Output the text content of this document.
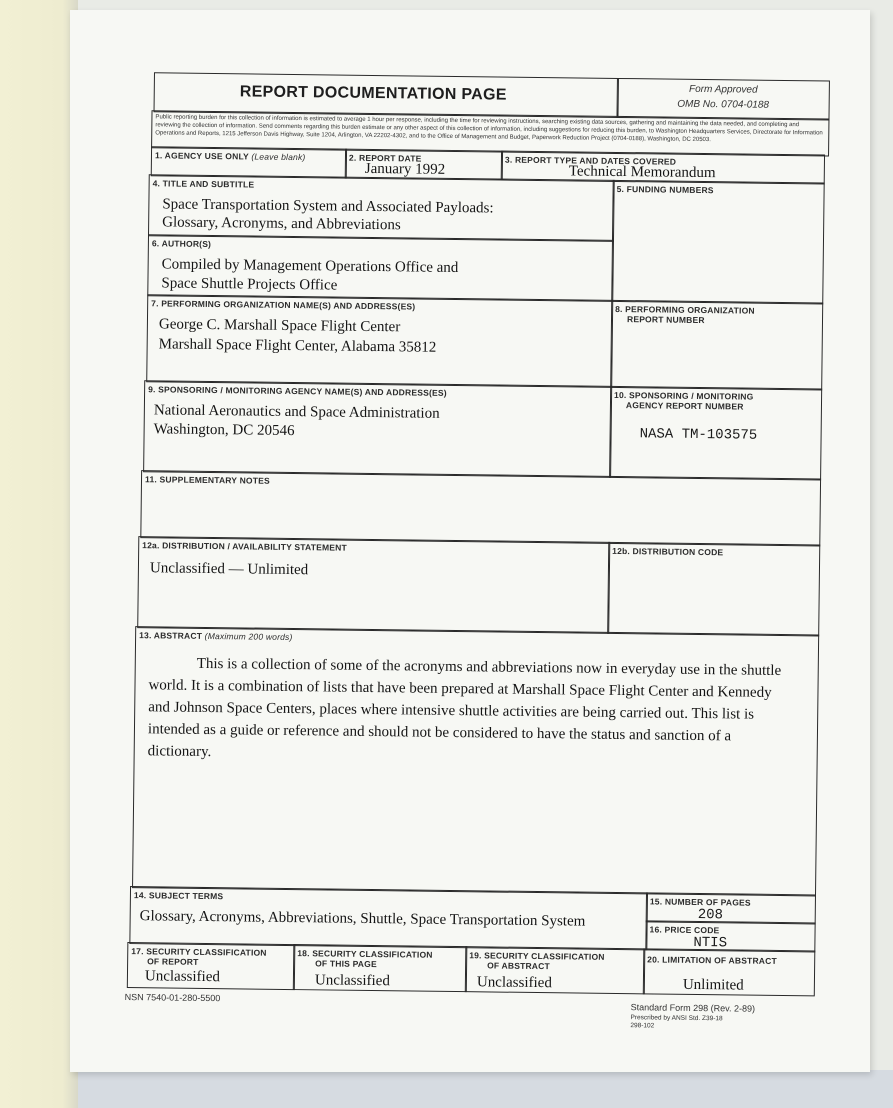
REPORT DOCUMENTATION PAGE	Form Approved
OMB No. 0704-0188
Public reporting burden for this collection of information is estimated to average 1 hour per response, including the time for reviewing instructions, searching existing data sources, gathering and maintaining the data needed, and completing and reviewing the collection of information. Send comments regarding this burden estimate or any other aspect of this collection of information, including suggestions for reducing this burden, to Washington Headquarters Services, Directorate for Information Operations and Reports, 1215 Jefferson Davis Highway, Suite 1204, Arlington, VA 22202-4302, and to the Office of Management and Budget, Paperwork Reduction Project (0704-0188), Washington, DC 20503.
1. AGENCY USE ONLY (Leave blank)	2. REPORT DATE
January 1992
3. REPORT TYPE AND DATES COVERED
Technical Memorandum
4. TITLE AND SUBTITLE
Space Transportation System and Associated Payloads:
Glossary, Acronyms, and Abbreviations
5. FUNDING NUMBERS
6. AUTHOR(S)
Compiled by Management Operations Office and
Space Shuttle Projects Office
7. PERFORMING ORGANIZATION NAME(S) AND ADDRESS(ES)
George C. Marshall Space Flight Center
Marshall Space Flight Center, Alabama 35812
8. PERFORMING ORGANIZATION
REPORT NUMBER
9. SPONSORING / MONITORING AGENCY NAME(S) AND ADDRESS(ES)
National Aeronautics and Space Administration
Washington, DC 20546
10. SPONSORING / MONITORING
AGENCY REPORT NUMBER
NASA TM-103575
11. SUPPLEMENTARY NOTES
12a. DISTRIBUTION / AVAILABILITY STATEMENT
Unclassified — Unlimited
12b. DISTRIBUTION CODE
13. ABSTRACT (Maximum 200 words)
This is a collection of some of the acronyms and abbreviations now in everyday use in the shuttle world. It is a combination of lists that have been prepared at Marshall Space Flight Center and Kennedy and Johnson Space Centers, places where intensive shuttle activities are being carried out. This list is intended as a guide or reference and should not be considered to have the status and sanction of a dictionary.
14. SUBJECT TERMS
Glossary, Acronyms, Abbreviations, Shuttle, Space Transportation System
15. NUMBER OF PAGES
208
16. PRICE CODE
NTIS
17. SECURITY CLASSIFICATION
OF REPORT
Unclassified
18. SECURITY CLASSIFICATION
OF THIS PAGE
Unclassified
19. SECURITY CLASSIFICATION
OF ABSTRACT
Unclassified
20. LIMITATION OF ABSTRACT
Unlimited
NSN 7540-01-280-5500
Standard Form 298 (Rev. 2-89)
Prescribed by ANSI Std. Z39-18
298-102
